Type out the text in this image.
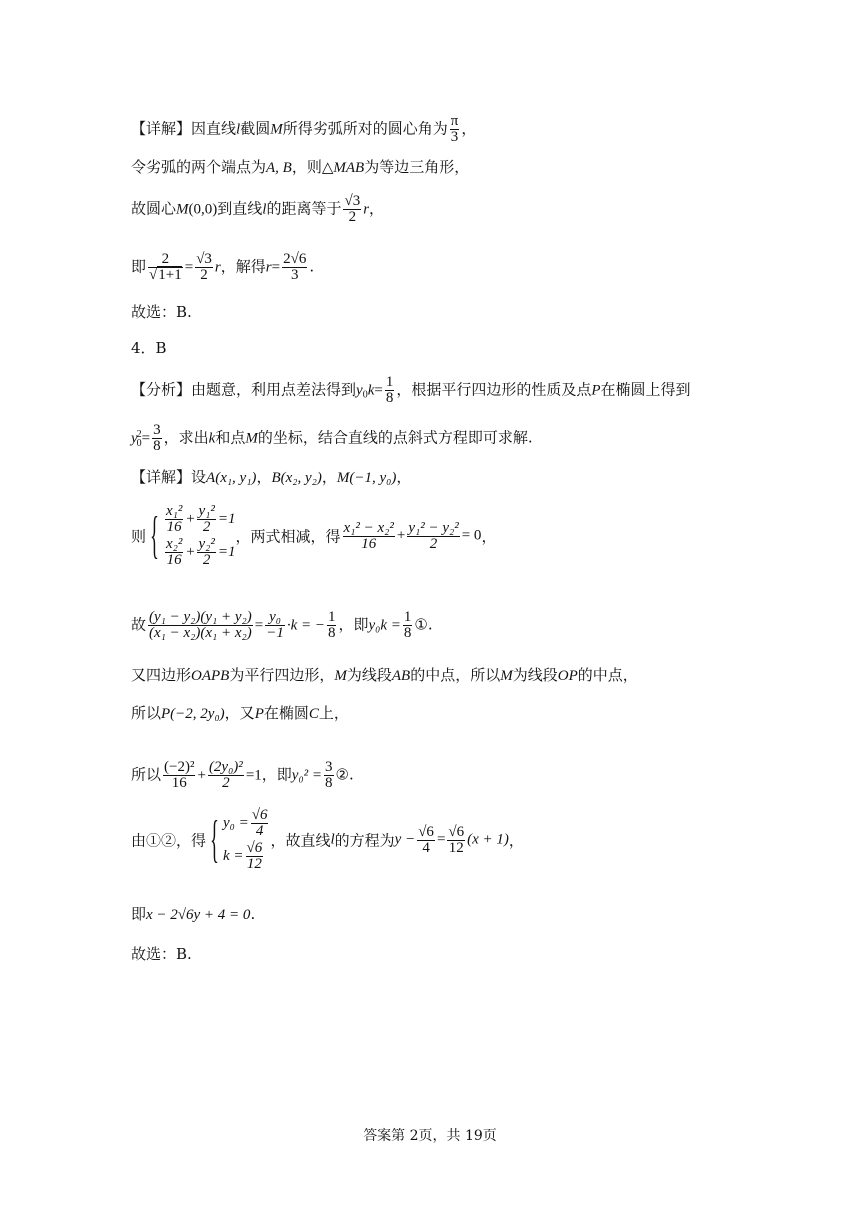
【详解】因直线l截圆M所得劣弧所对的圆心角为 $\frac{\pi}{3}$ ，
令劣弧的两个端点为A, B，则△MAB为等边三角形，
故圆心M(0,0)到直线l的距离等于 $\frac{√3}{2}$ r，
即 $\frac{2}{√1+1} = \frac{√3}{2}$ r，解得$r= \frac{2√6}{3}$ .
故选：B.
4．B
【分析】由题意，利用点差法得到$y_0k= \frac{1}{8}$ ，根据平行四边形的性质及点P在椭圆上得到
y 2
$0 = \frac{3}{8}$ ，求出k和点M的坐标，结合直线的点斜式方程即可求解.
【详解】设A(x₁, y₁)，B(x₂, y₂)，M(−1, y₀)，
则{ $\frac{\text{x₁²}}{16} + \frac{\text{y₁²}}{2} =1$
$\frac{\text{x₂²}}{16} + \frac{\text{y₂²}}{2} =1$
，两式相减，得 $\frac{\text{x₁² − x₂²}}{16} + \frac{\text{y₁² − y₂²}}{2} = 0$，
故 $\frac{\text{(y₁ − y₂)(y₁ + y₂)}}{\text{(x₁ − x₂)(x₁ + x₂)}} = \frac{\text{y₀}}{-1} \cdot k$ = − $\frac{1}{8}$ ，即$y_0k = \frac{1}{8}$ ①.
又四边形OAPB为平行四边形，M为线段AB的中点，所以M为线段OP的中点，
所以P(−2, 2y₀)，又P在椭圆C上，
所以 $\frac{\text{(−2)²}}{16} + \frac{\text{(2y₀)²}}{2} =1$，即$y_0^2 = \frac{3}{8}$ ②.
由①②，得{ $y_0 = \frac{√6}{4}$
$k = \frac{√6}{12}$
，故直线l的方程为$y - \frac{√6}{4} = \frac{√6}{12} (x + 1)$，
即x − 2√6y + 4 = 0.
故选：B.
答案第 2页，共 19页
